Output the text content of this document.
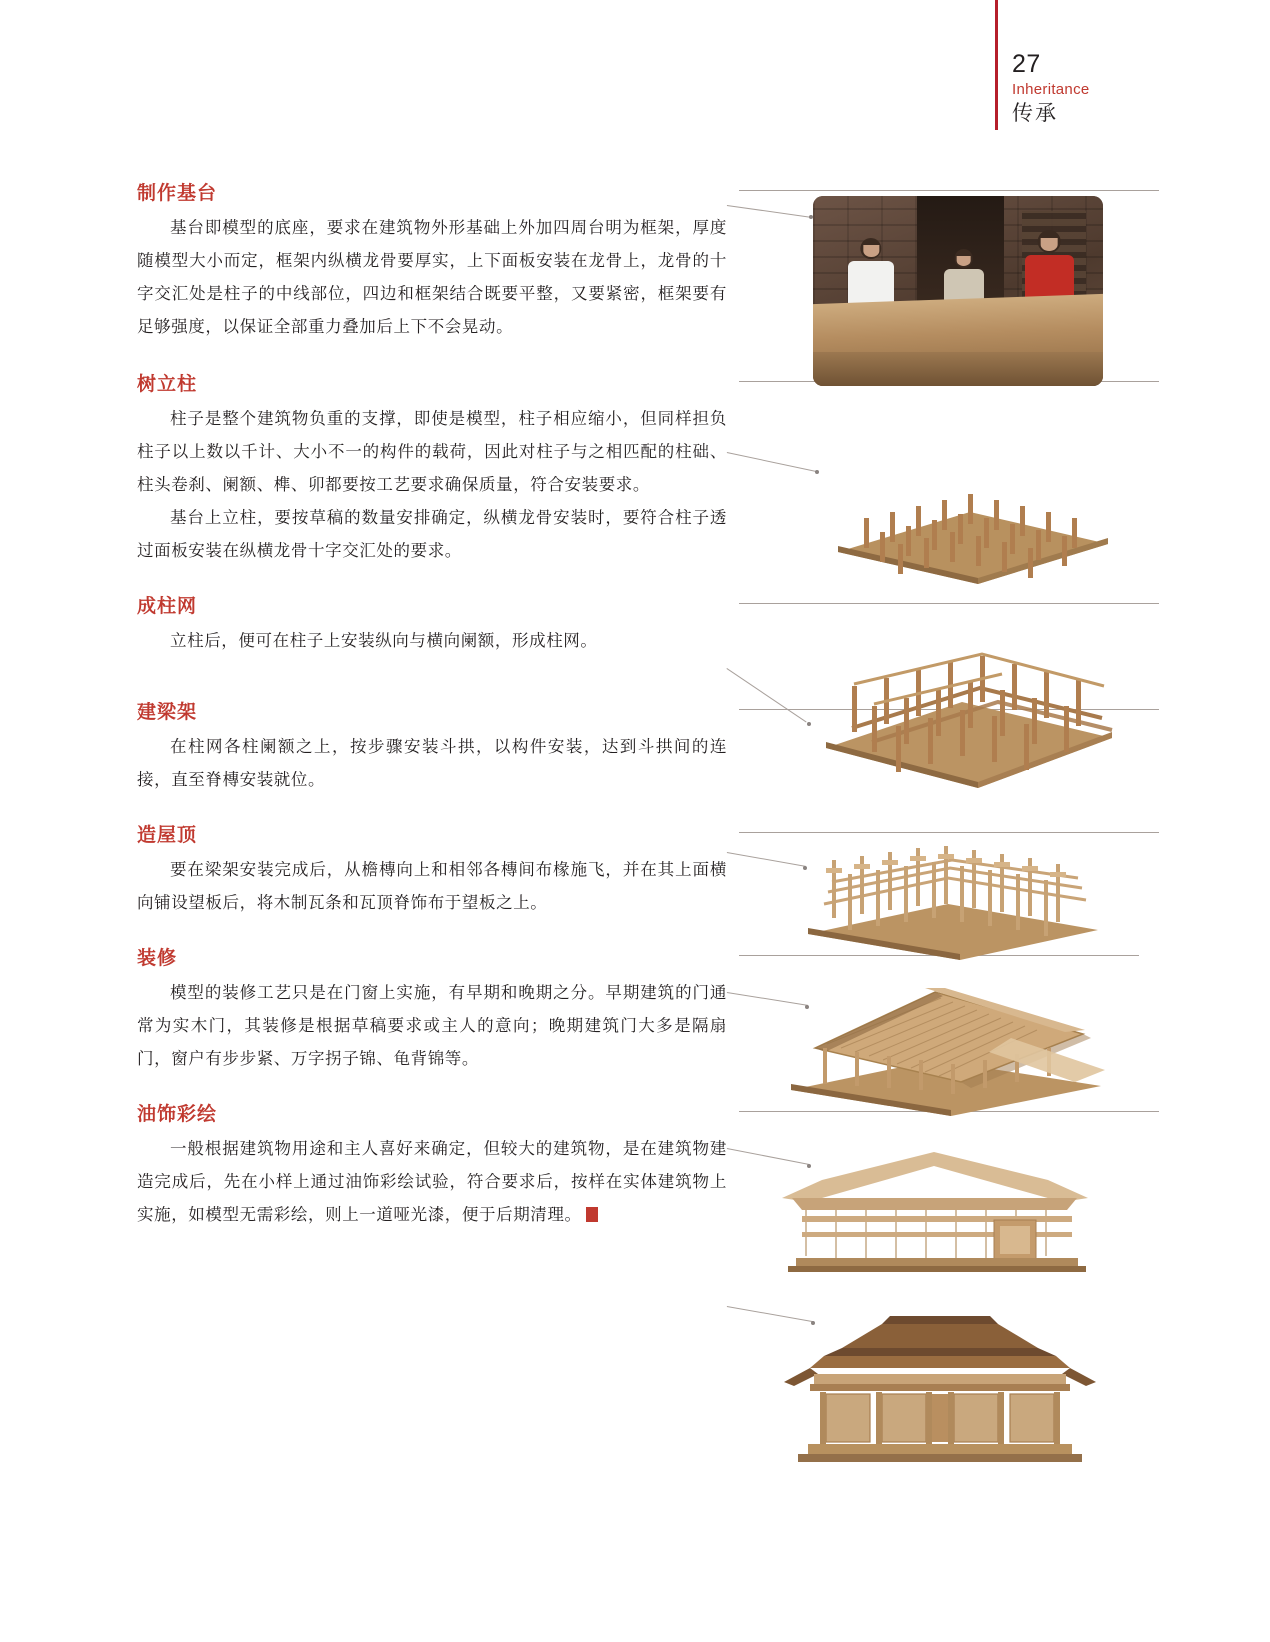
27
Inheritance
传承
制作基台

基台即模型的底座，要求在建筑物外形基础上外加四周台明为框架，厚度随模型大小而定，框架内纵横龙骨要厚实，上下面板安装在龙骨上，龙骨的十字交汇处是柱子的中线部位，四边和框架结合既要平整，又要紧密，框架要有足够强度，以保证全部重力叠加后上下不会晃动。

树立柱

柱子是整个建筑物负重的支撑，即使是模型，柱子相应缩小，但同样担负柱子以上数以千计、大小不一的构件的载荷，因此对柱子与之相匹配的柱础、柱头卷刹、阑额、榫、卯都要按工艺要求确保质量，符合安装要求。

基台上立柱，要按草稿的数量安排确定，纵横龙骨安装时，要符合柱子透过面板安装在纵横龙骨十字交汇处的要求。

成柱网

立柱后，便可在柱子上安装纵向与横向阑额，形成柱网。

建梁架

在柱网各柱阑额之上，按步骤安装斗拱，以构件安装，达到斗拱间的连接，直至脊槫安装就位。

造屋顶

要在梁架安装完成后，从檐槫向上和相邻各槫间布椽施飞，并在其上面横向铺设望板后，将木制瓦条和瓦顶脊饰布于望板之上。

装修

模型的装修工艺只是在门窗上实施，有早期和晚期之分。早期建筑的门通常为实木门，其装修是根据草稿要求或主人的意向；晚期建筑门大多是隔扇门，窗户有步步紧、万字拐子锦、龟背锦等。

油饰彩绘

一般根据建筑物用途和主人喜好来确定，但较大的建筑物，是在建筑物建造完成后，先在小样上通过油饰彩绘试验，符合要求后，按样在实体建筑物上实施，如模型无需彩绘，则上一道哑光漆，便于后期清理。S
